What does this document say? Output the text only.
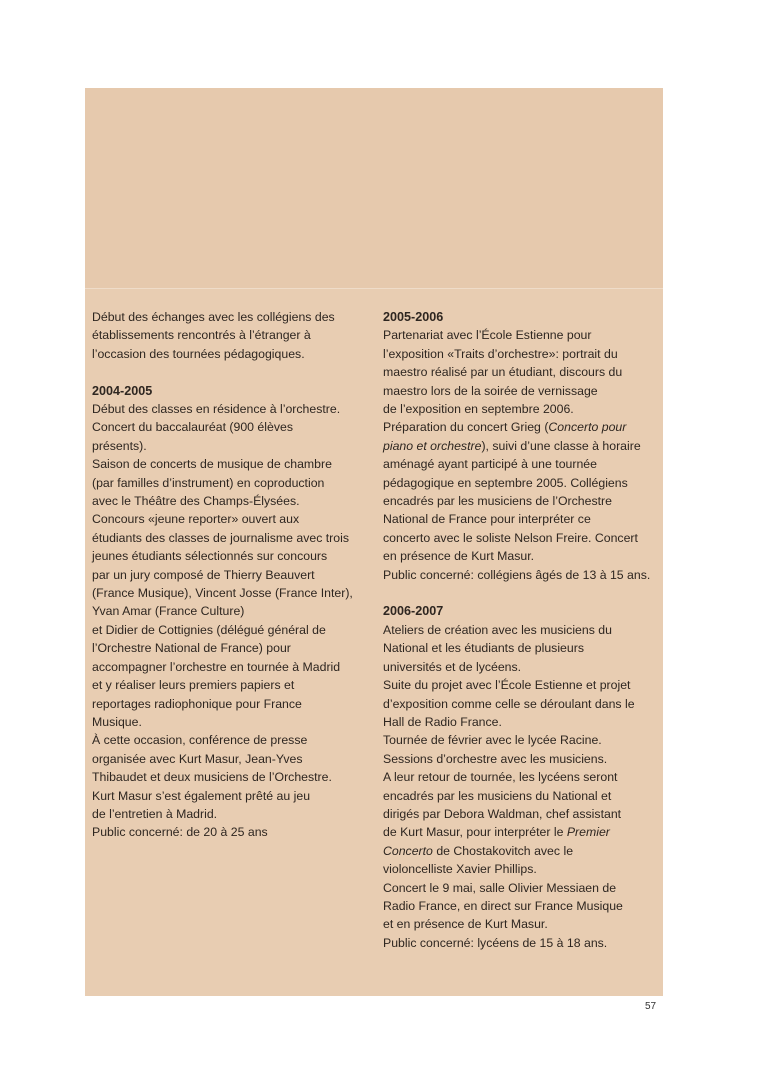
Début des échanges avec les collégiens des

établissements rencontrés à l’étranger à

l’occasion des tournées pédagogiques.

2004-2005

Début des classes en résidence à l’orchestre.

Concert du baccalauréat (900 élèves

présents).

Saison de concerts de musique de chambre

(par familles d’instrument) en coproduction

avec le Théâtre des Champs-Élysées.

Concours «jeune reporter» ouvert aux

étudiants des classes de journalisme avec trois

jeunes étudiants sélectionnés sur concours

par un jury composé de Thierry Beauvert

(France Musique), Vincent Josse (France Inter),

Yvan Amar (France Culture)

et Didier de Cottignies (délégué général de

l’Orchestre National de France) pour

accompagner l’orchestre en tournée à Madrid

et y réaliser leurs premiers papiers et

reportages radiophonique pour France

Musique.

À cette occasion, conférence de presse

organisée avec Kurt Masur, Jean-Yves

Thibaudet et deux musiciens de l’Orchestre.

Kurt Masur s’est également prêté au jeu

de l’entretien à Madrid.

Public concerné: de 20 à 25 ans

2005-2006

Partenariat avec l’École Estienne pour

l’exposition «Traits d’orchestre»: portrait du

maestro réalisé par un étudiant, discours du

maestro lors de la soirée de vernissage

de l’exposition en septembre 2006.

Préparation du concert Grieg (Concerto pour

piano et orchestre), suivi d’une classe à horaire

aménagé ayant participé à une tournée

pédagogique en septembre 2005. Collégiens

encadrés par les musiciens de l’Orchestre

National de France pour interpréter ce

concerto avec le soliste Nelson Freire. Concert

en présence de Kurt Masur.

Public concerné: collégiens âgés de 13 à 15 ans.

2006-2007

Ateliers de création avec les musiciens du

National et les étudiants de plusieurs

universités et de lycéens.

Suite du projet avec l’École Estienne et projet

d’exposition comme celle se déroulant dans le

Hall de Radio France.

Tournée de février avec le lycée Racine.

Sessions d’orchestre avec les musiciens.

A leur retour de tournée, les lycéens seront

encadrés par les musiciens du National et

dirigés par Debora Waldman, chef assistant

de Kurt Masur, pour interpréter le Premier

Concerto de Chostakovitch avec le

violoncelliste Xavier Phillips.

Concert le 9 mai, salle Olivier Messiaen de

Radio France, en direct sur France Musique

et en présence de Kurt Masur.

Public concerné: lycéens de 15 à 18 ans.

57
